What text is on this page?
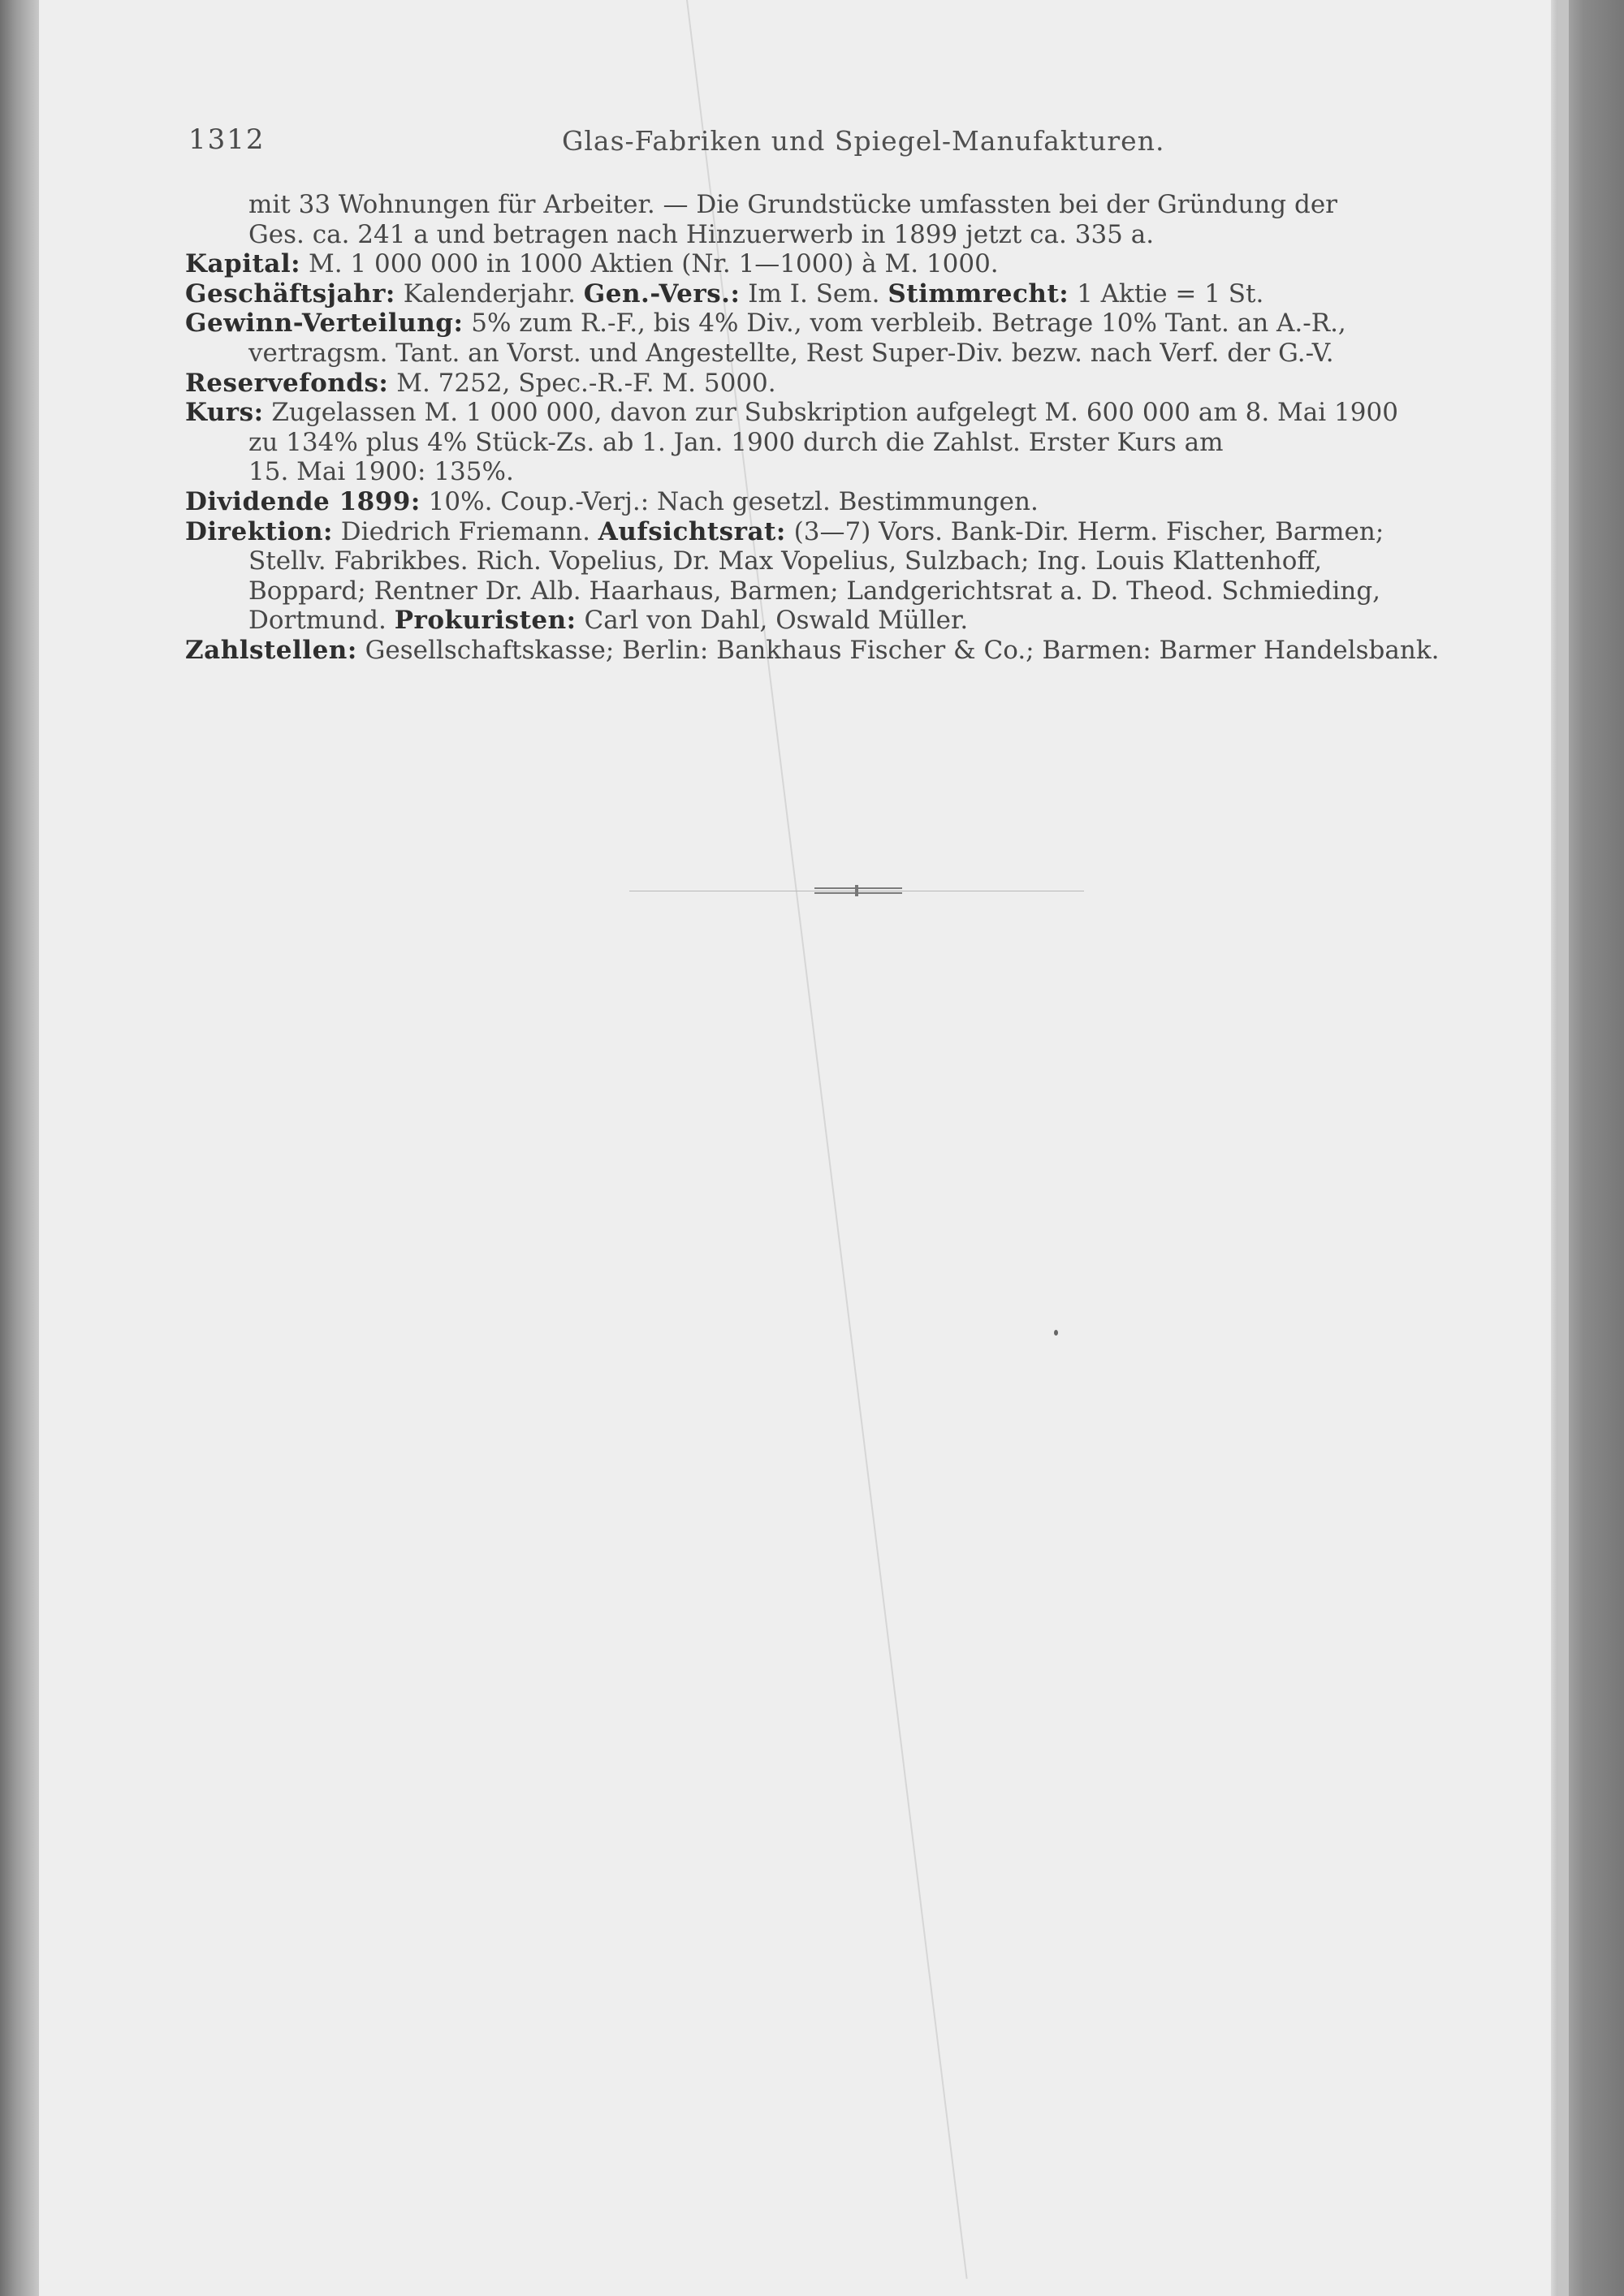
1312	Glas-Fabriken und Spiegel-Manufakturen.
mit 33 Wohnungen für Arbeiter. — Die Grundstücke umfassten bei der Gründung der
Ges. ca. 241 a und betragen nach Hinzuerwerb in 1899 jetzt ca. 335 a.
Kapital: M. 1 000 000 in 1000 Aktien (Nr. 1—1000) à M. 1000.
Geschäftsjahr: Kalenderjahr. Gen.-Vers.: Im I. Sem. Stimmrecht: 1 Aktie = 1 St.
Gewinn-Verteilung: 5% zum R.-F., bis 4% Div., vom verbleib. Betrage 10% Tant. an A.-R.,
vertragsm. Tant. an Vorst. und Angestellte, Rest Super-Div. bezw. nach Verf. der G.-V.
Reservefonds: M. 7252, Spec.-R.-F. M. 5000.
Kurs: Zugelassen M. 1 000 000, davon zur Subskription aufgelegt M. 600 000 am 8. Mai 1900
zu 134% plus 4% Stück-Zs. ab 1. Jan. 1900 durch die Zahlst. Erster Kurs am
15. Mai 1900: 135%.
Dividende 1899: 10%. Coup.-Verj.: Nach gesetzl. Bestimmungen.
Direktion: Diedrich Friemann. Aufsichtsrat: (3—7) Vors. Bank-Dir. Herm. Fischer, Barmen;
Stellv. Fabrikbes. Rich. Vopelius, Dr. Max Vopelius, Sulzbach; Ing. Louis Klattenhoff,
Boppard; Rentner Dr. Alb. Haarhaus, Barmen; Landgerichtsrat a. D. Theod. Schmieding,
Dortmund. Prokuristen: Carl von Dahl, Oswald Müller.
Zahlstellen: Gesellschaftskasse; Berlin: Bankhaus Fischer & Co.; Barmen: Barmer Handelsbank.
